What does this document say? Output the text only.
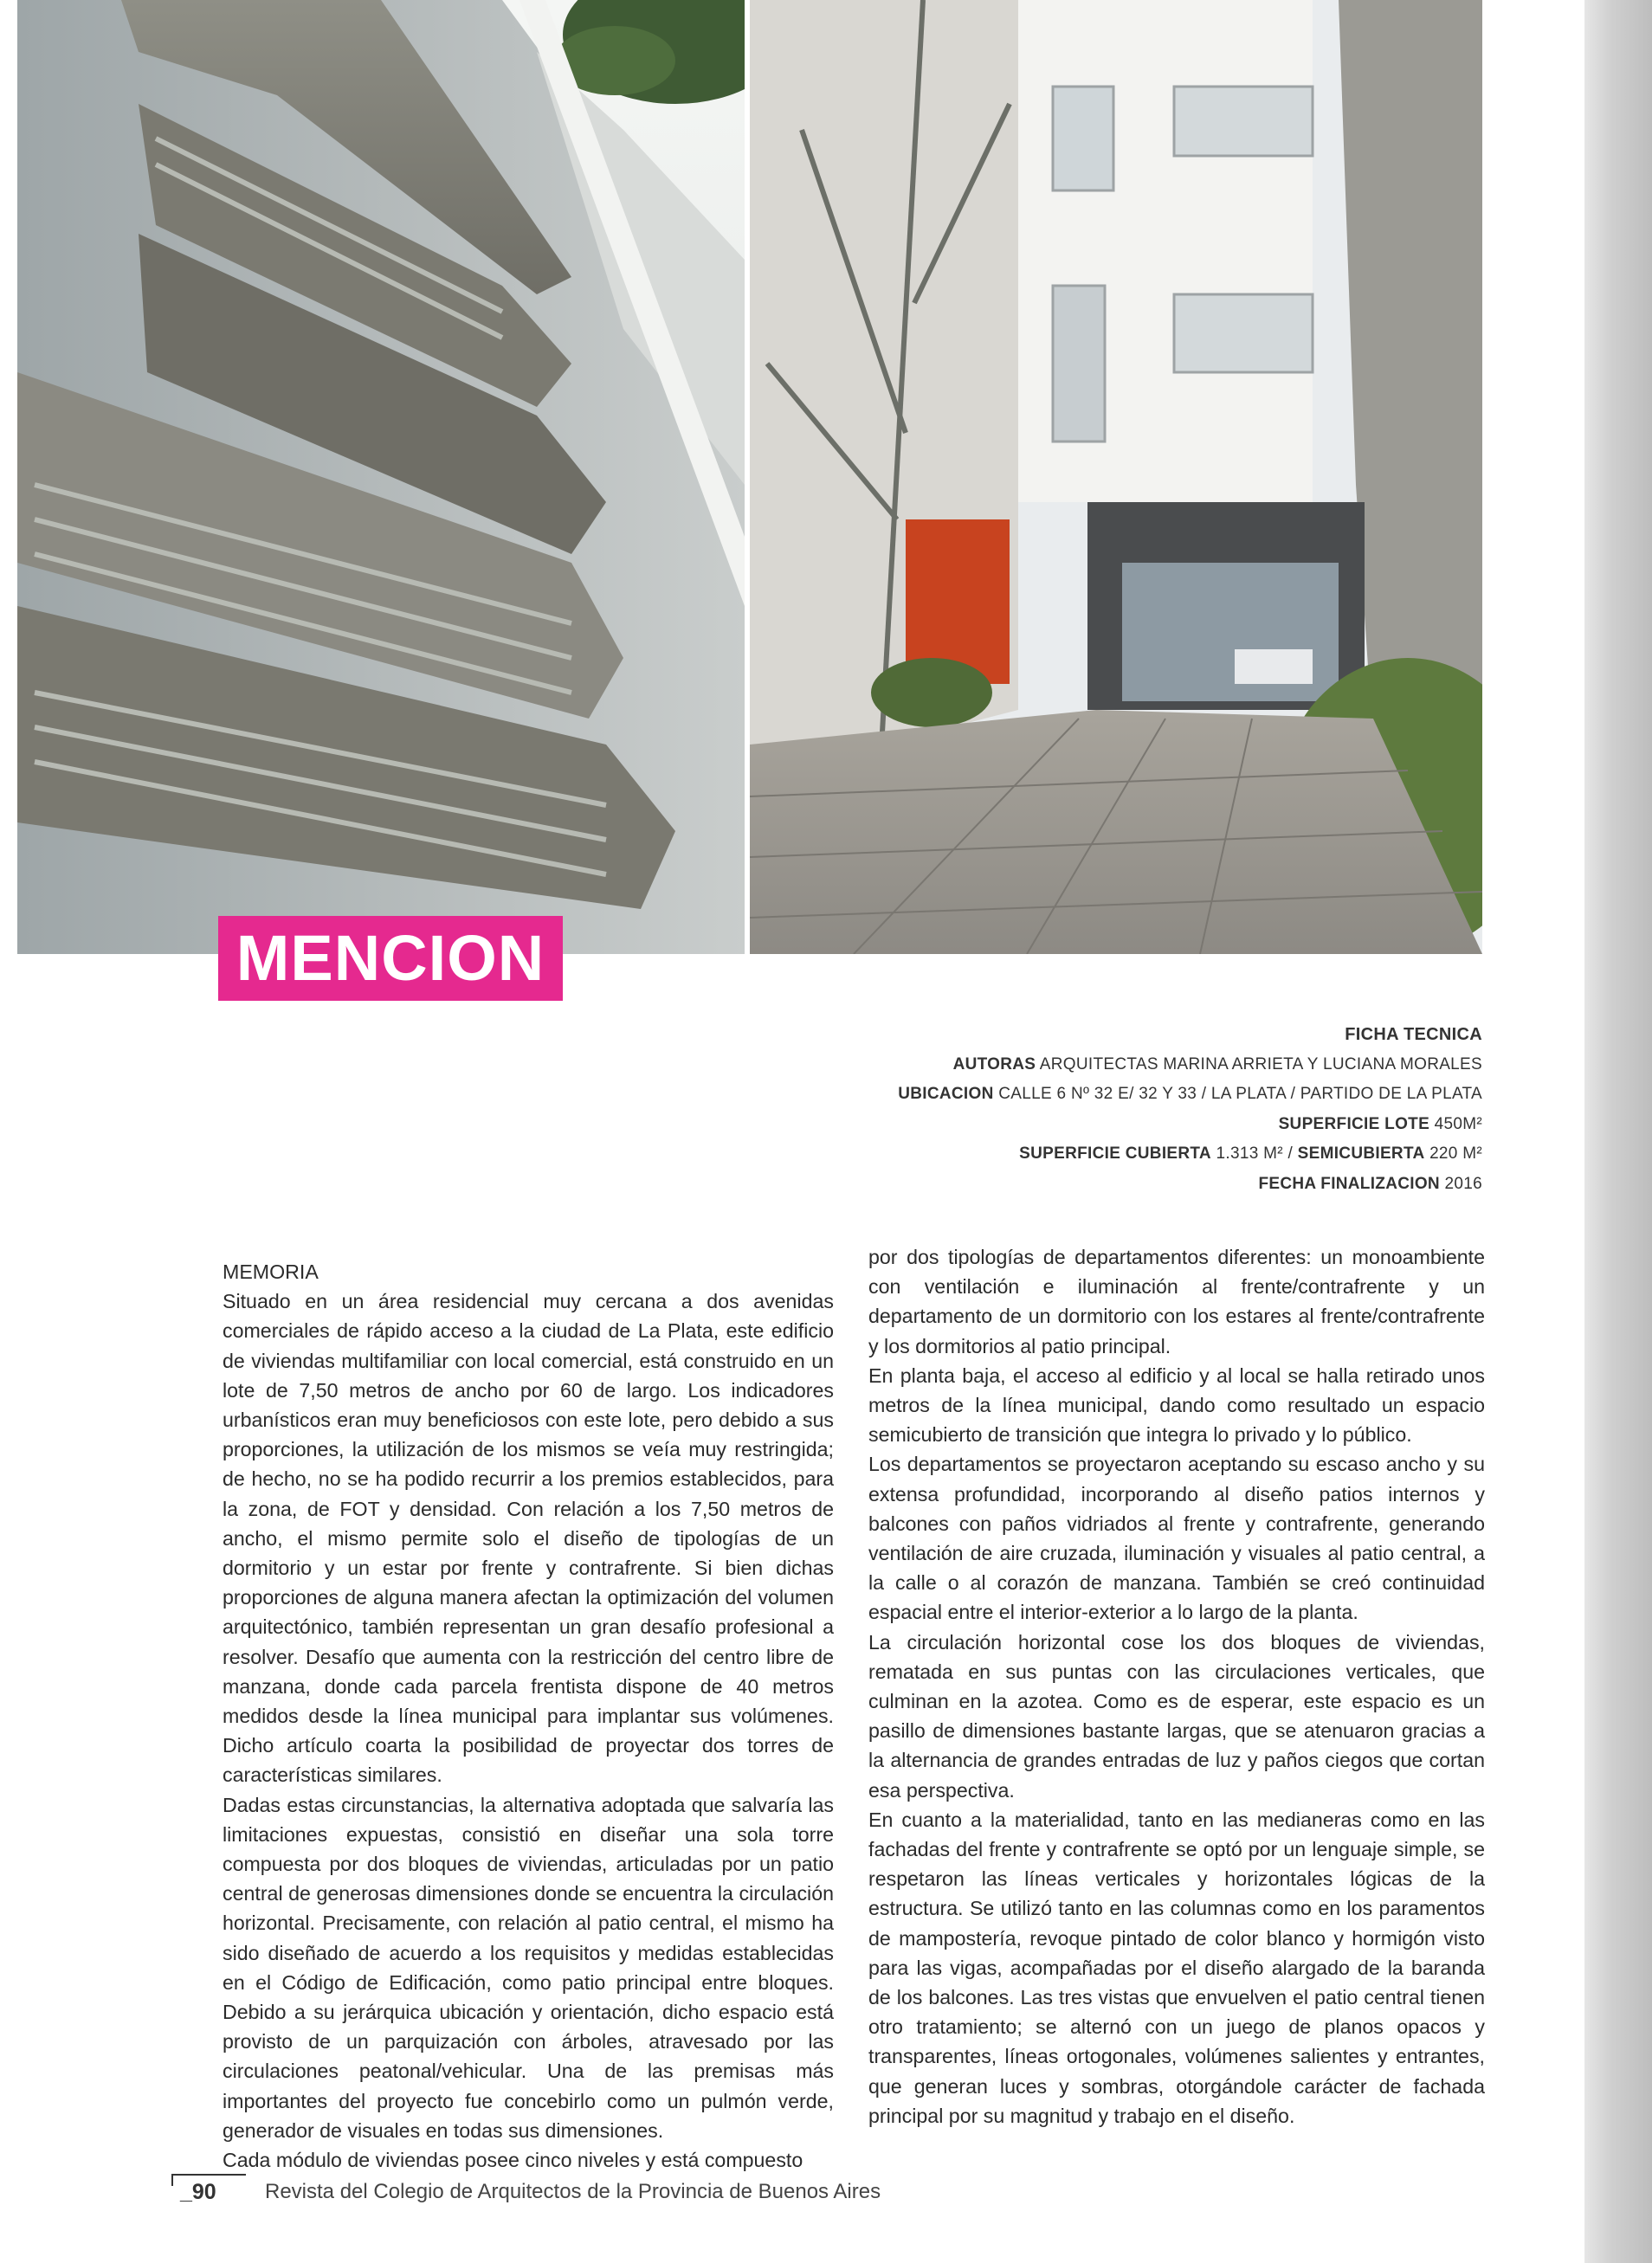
MENCION
FICHA TECNICA
AUTORAS ARQUITECTAS MARINA ARRIETA Y LUCIANA MORALES
UBICACION CALLE 6 Nº 32 E/ 32 Y 33 / LA PLATA / PARTIDO DE LA PLATA
SUPERFICIE LOTE 450M²
SUPERFICIE CUBIERTA 1.313 M² / SEMICUBIERTA 220 M²
FECHA FINALIZACION 2016

MEMORIA

Situado en un área residencial muy cercana a dos avenidas comerciales de rápido acceso a la ciudad de La Plata, este edificio de viviendas multifamiliar con local comercial, está construido en un lote de 7,50 metros de ancho por 60 de largo. Los indicadores urbanísticos eran muy beneficiosos con este lote, pero debido a sus proporciones, la utilización de los mismos se veía muy restringida; de hecho, no se ha podido recurrir a los premios establecidos, para la zona, de FOT y densidad. Con relación a los 7,50 metros de ancho, el mismo permite solo el diseño de tipologías de un dormitorio y un estar por frente y contrafrente. Si bien dichas proporciones de alguna manera afectan la optimización del volumen arquitectónico, también representan un gran desafío profesional a resolver. Desafío que aumenta con la restricción del centro libre de manzana, donde cada parcela frentista dispone de 40 metros medidos desde la línea municipal para implantar sus volúmenes. Dicho artículo coarta la posibilidad de proyectar dos torres de características similares.

Dadas estas circunstancias, la alternativa adoptada que salvaría las limitaciones expuestas, consistió en diseñar una sola torre compuesta por dos bloques de viviendas, articuladas por un patio central de generosas dimensiones donde se encuentra la circulación horizontal. Precisamente, con relación al patio central, el mismo ha sido diseñado de acuerdo a los requisitos y medidas establecidas en el Código de Edificación, como patio principal entre bloques. Debido a su jerárquica ubicación y orientación, dicho espacio está provisto de un parquización con árboles, atravesado por las circulaciones peatonal/vehicular. Una de las premisas más importantes del proyecto fue concebirlo como un pulmón verde, generador de visuales en todas sus dimensiones.

Cada módulo de viviendas posee cinco niveles y está compuesto

por dos tipologías de departamentos diferentes: un monoambiente con ventilación e iluminación al frente/contrafrente y un departamento de un dormitorio con los estares al frente/contrafrente y los dormitorios al patio principal.

En planta baja, el acceso al edificio y al local se halla retirado unos metros de la línea municipal, dando como resultado un espacio semicubierto de transición que integra lo privado y lo público.

Los departamentos se proyectaron aceptando su escaso ancho y su extensa profundidad, incorporando al diseño patios internos y balcones con paños vidriados al frente y contrafrente, generando ventilación de aire cruzada, iluminación y visuales al patio central, a la calle o al corazón de manzana. También se creó continuidad espacial entre el interior-exterior a lo largo de la planta.

La circulación horizontal cose los dos bloques de viviendas, rematada en sus puntas con las circulaciones verticales, que culminan en la azotea. Como es de esperar, este espacio es un pasillo de dimensiones bastante largas, que se atenuaron gracias a la alternancia de grandes entradas de luz y paños ciegos que cortan esa perspectiva.

En cuanto a la materialidad, tanto en las medianeras como en las fachadas del frente y contrafrente se optó por un lenguaje simple, se respetaron las líneas verticales y horizontales lógicas de la estructura. Se utilizó tanto en las columnas como en los paramentos de mampostería, revoque pintado de color blanco y hormigón visto para las vigas, acompañadas por el diseño alargado de la baranda de los balcones. Las tres vistas que envuelven el patio central tienen otro tratamiento; se alternó con un juego de planos opacos y transparentes, líneas ortogonales, volúmenes salientes y entrantes, que generan luces y sombras, otorgándole carácter de fachada principal por su magnitud y trabajo en el diseño.

_90 Revista del Colegio de Arquitectos de la Provincia de Buenos Aires
